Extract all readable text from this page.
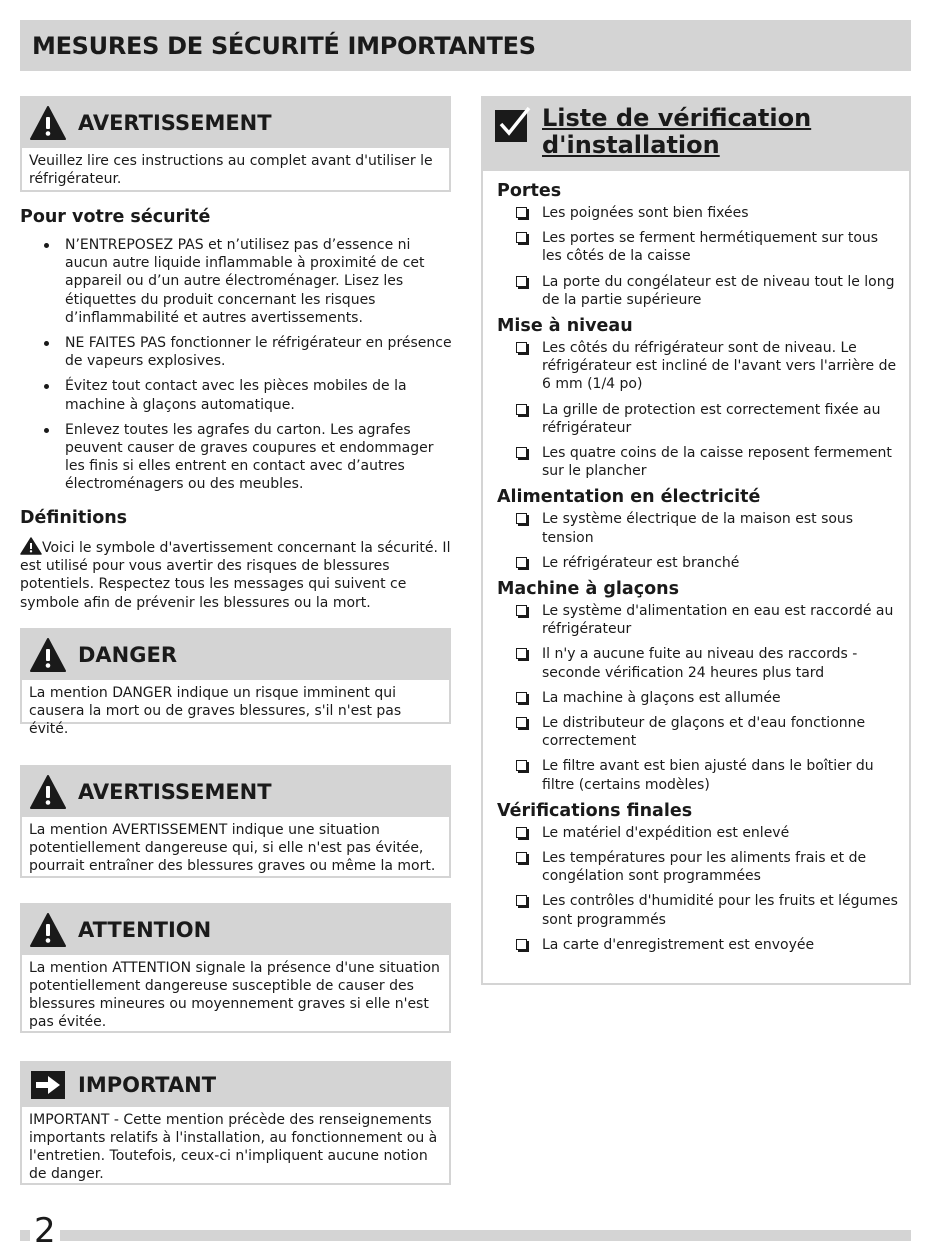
MESURES DE SÉCURITÉ IMPORTANTES
AVERTISSEMENT
Veuillez lire ces instructions au complet avant d'utiliser le réfrigérateur.
Pour votre sécurité
N’ENTREPOSEZ PAS et n’utilisez pas d’essence ni aucun autre liquide inflammable à proximité de cet appareil ou d’un autre électroménager. Lisez les étiquettes du produit concernant les risques d’inflammabilité et autres avertissements.
NE FAITES PAS fonctionner le réfrigérateur en présence de vapeurs explosives.
Évitez tout contact avec les pièces mobiles de la machine à glaçons automatique.
Enlevez toutes les agrafes du carton. Les agrafes peuvent causer de graves coupures et endommager les finis si elles entrent en contact avec d’autres électroménagers ou des meubles.
Définitions
Voici le symbole d'avertissement concernant la sécurité. Il est utilisé pour vous avertir des risques de blessures potentiels. Respectez tous les messages qui suivent ce symbole afin de prévenir les blessures ou la mort.
DANGER
La mention DANGER indique un risque imminent qui causera la mort ou de graves blessures, s'il n'est pas évité.
AVERTISSEMENT
La mention AVERTISSEMENT indique une situation potentiellement dangereuse qui, si elle n'est pas évitée, pourrait entraîner des blessures graves ou même la mort.
ATTENTION
La mention ATTENTION signale la présence d'une situation potentiellement dangereuse susceptible de causer des blessures mineures ou moyennement graves si elle n'est pas évitée.
IMPORTANT
IMPORTANT - Cette mention précède des renseignements importants relatifs à l'installation, au fonctionnement ou à l'entretien. Toutefois, ceux-ci n'impliquent aucune notion de danger.
Liste de vérification
d'installation
Portes
Les poignées sont bien fixées
Les portes se ferment hermétiquement sur tous les côtés de la caisse
La porte du congélateur est de niveau tout le long de la partie supérieure
Mise à niveau
Les côtés du réfrigérateur sont de niveau. Le réfrigérateur est incliné de l'avant vers l'arrière de 6 mm (1/4 po)
La grille de protection est correctement fixée au réfrigérateur
Les quatre coins de la caisse reposent fermement sur le plancher
Alimentation en électricité
Le système électrique de la maison est sous tension
Le réfrigérateur est branché
Machine à glaçons
Le système d'alimentation en eau est raccordé au réfrigérateur
Il n'y a aucune fuite au niveau des raccords - seconde vérification 24 heures plus tard
La machine à glaçons est allumée
Le distributeur de glaçons et d'eau fonctionne correctement
Le filtre avant est bien ajusté dans le boîtier du filtre (certains modèles)
Vérifications finales
Le matériel d'expédition est enlevé
Les températures pour les aliments frais et de congélation sont programmées
Les contrôles d'humidité pour les fruits et légumes sont programmés
La carte d'enregistrement est envoyée
2
